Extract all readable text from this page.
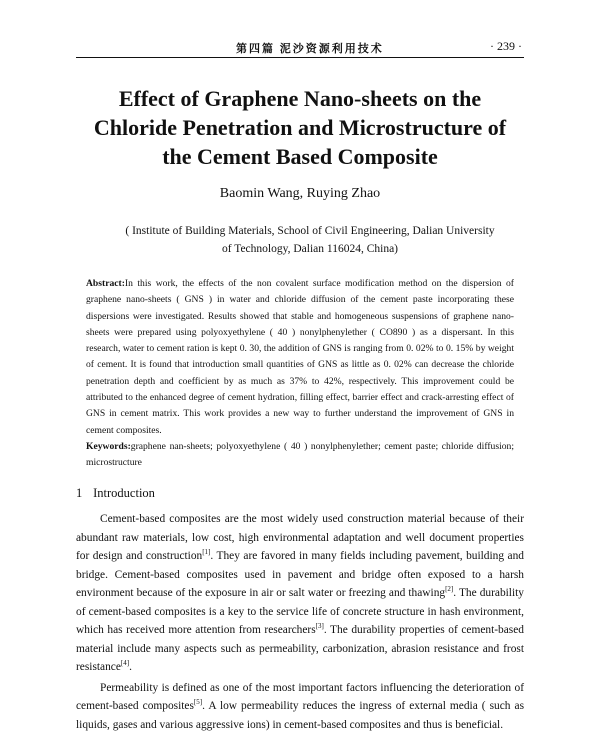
第四篇 泥沙资源利用技术	· 239 ·
Effect of Graphene Nano-sheets on the
Chloride Penetration and Microstructure of
the Cement Based Composite
Baomin Wang, Ruying Zhao
( Institute of Building Materials, School of Civil Engineering, Dalian University
of Technology, Dalian 116024, China)

Abstract:In this work, the effects of the non covalent surface modification method on the dispersion of graphene nano-sheets ( GNS ) in water and chloride diffusion of the cement paste incorporating these dispersions were investigated. Results showed that stable and homogeneous suspensions of graphene nano-sheets were prepared using polyoxyethylene ( 40 ) nonylphenylether ( CO890 ) as a dispersant. In this research, water to cement ration is kept 0. 30, the addition of GNS is ranging from 0. 02% to 0. 15% by weight of cement. It is found that introduction small quantities of GNS as little as 0. 02% can decrease the chloride penetration depth and coefficient by as much as 37% to 42%, respectively. This improvement could be attributed to the enhanced degree of cement hydration, filling effect, barrier effect and crack-arresting effect of GNS in cement matrix. This work provides a new way to further understand the improvement of GNS in cement composites.

Keywords:graphene nan-sheets; polyoxyethylene ( 40 ) nonylphenylether; cement paste; chloride diffusion; microstructure

1 Introduction

Cement-based composites are the most widely used construction material because of their abundant raw materials, low cost, high environmental adaptation and well document properties for design and construction[1]. They are favored in many fields including pavement, building and bridge. Cement-based composites used in pavement and bridge often exposed to a harsh environment because of the exposure in air or salt water or freezing and thawing[2]. The durability of cement-based composites is a key to the service life of concrete structure in hash environment, which has received more attention from researchers[3]. The durability properties of cement-based material include many aspects such as permeability, carbonization, abrasion resistance and frost resistance[4].

Permeability is defined as one of the most important factors influencing the deterioration of cement-based composites[5]. A low permeability reduces the ingress of external media ( such as liquids, gases and various aggressive ions) in cement-based composites and thus is beneficial.
